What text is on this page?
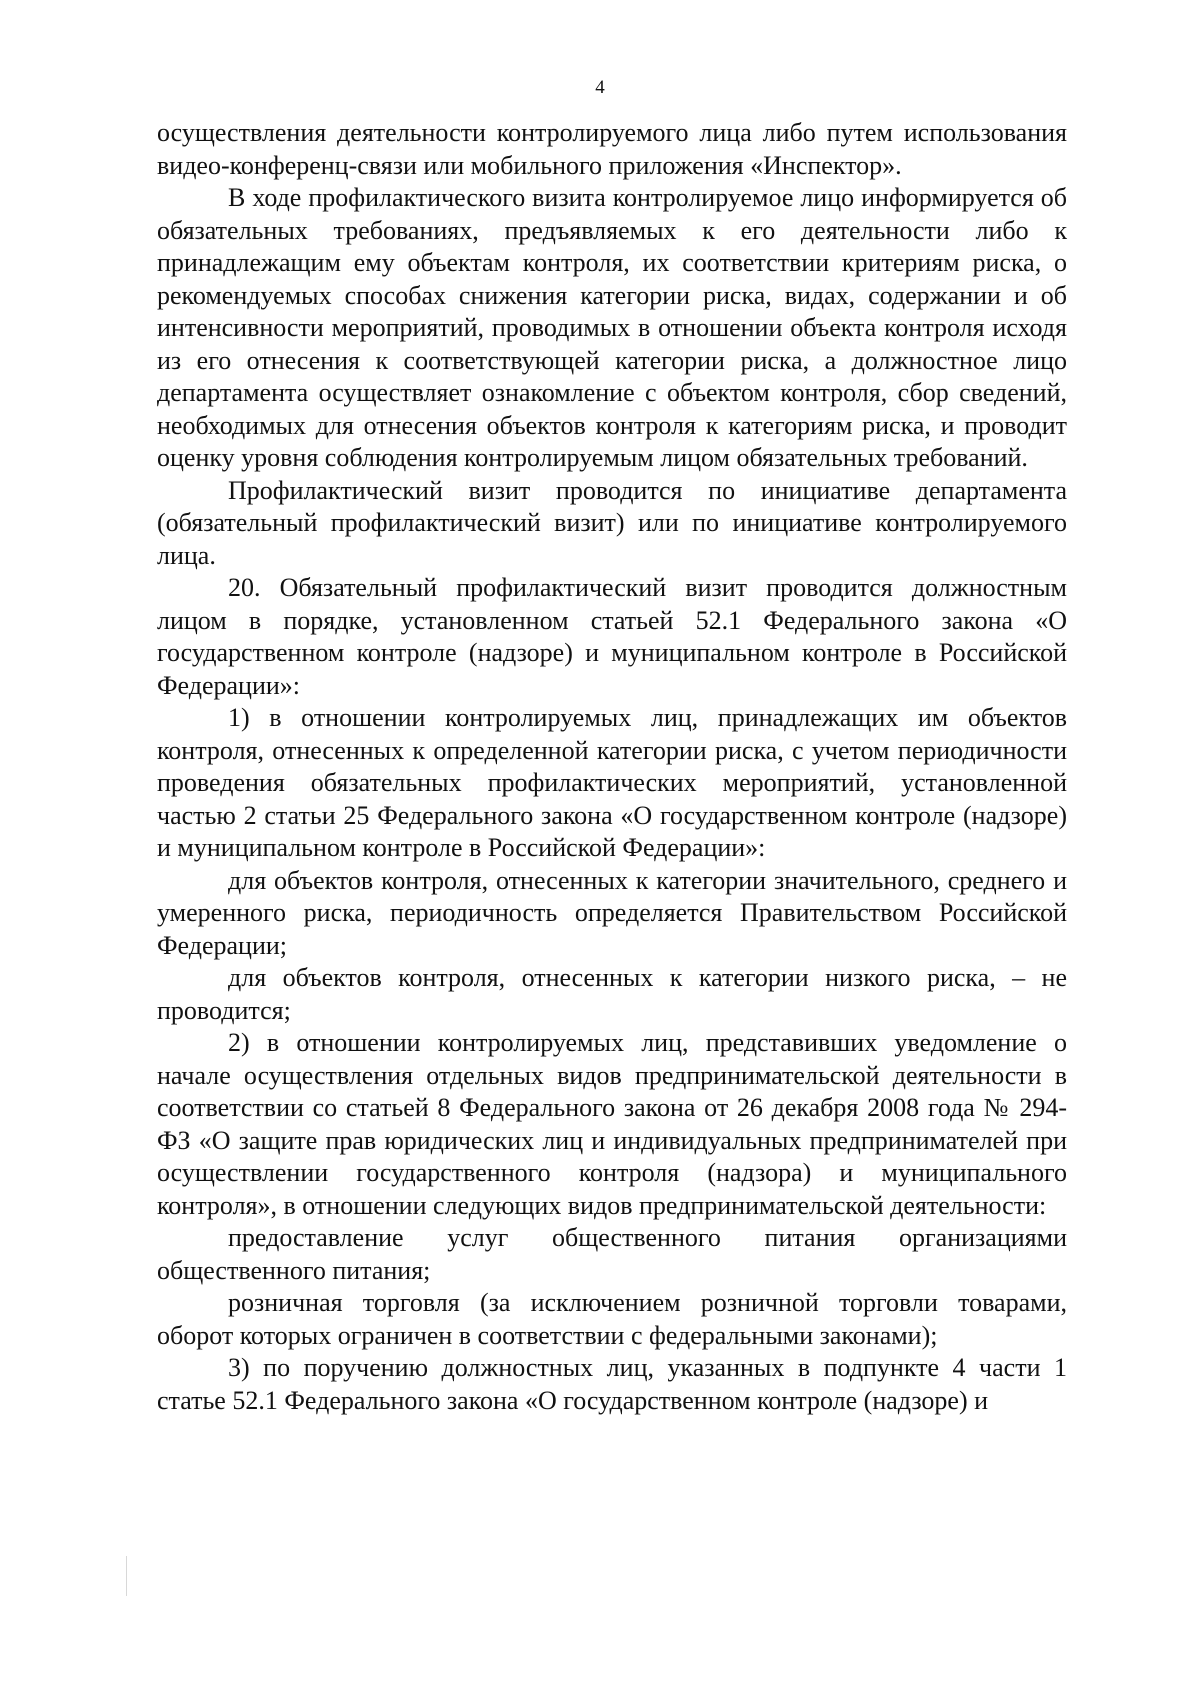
4

осуществления деятельности контролируемого лица либо путем использования видео-конференц-связи или мобильного приложения «Инспектор».

В ходе профилактического визита контролируемое лицо информируется об обязательных требованиях, предъявляемых к его деятельности либо к принадлежащим ему объектам контроля, их соответствии критериям риска, о рекомендуемых способах снижения категории риска, видах, содержании и об интенсивности мероприятий, проводимых в отношении объекта контроля исходя из его отнесения к соответствующей категории риска, а должностное лицо департамента осуществляет ознакомление с объектом контроля, сбор сведений, необходимых для отнесения объектов контроля к категориям риска, и проводит оценку уровня соблюдения контролируемым лицом обязательных требований.

Профилактический визит проводится по инициативе департамента (обязательный профилактический визит) или по инициативе контролируемого лица.

20. Обязательный профилактический визит проводится должностным лицом в порядке, установленном статьей 52.1 Федерального закона «О государственном контроле (надзоре) и муниципальном контроле в Российской Федерации»:

1) в отношении контролируемых лиц, принадлежащих им объектов контроля, отнесенных к определенной категории риска, с учетом периодичности проведения обязательных профилактических мероприятий, установленной частью 2 статьи 25 Федерального закона «О государственном контроле (надзоре) и муниципальном контроле в Российской Федерации»:

для объектов контроля, отнесенных к категории значительного, среднего и умеренного риска, периодичность определяется Правительством Российской Федерации;

для объектов контроля, отнесенных к категории низкого риска, – не проводится;

2) в отношении контролируемых лиц, представивших уведомление о начале осуществления отдельных видов предпринимательской деятельности в соответствии со статьей 8 Федерального закона от 26 декабря 2008 года № 294-ФЗ «О защите прав юридических лиц и индивидуальных предпринимателей при осуществлении государственного контроля (надзора) и муниципального контроля», в отношении следующих видов предпринимательской деятельности:

предоставление услуг общественного питания организациями общественного питания;

розничная торговля (за исключением розничной торговли товарами, оборот которых ограничен в соответствии с федеральными законами);

3) по поручению должностных лиц, указанных в подпункте 4 части 1 статье 52.1 Федерального закона «О государственном контроле (надзоре) и
